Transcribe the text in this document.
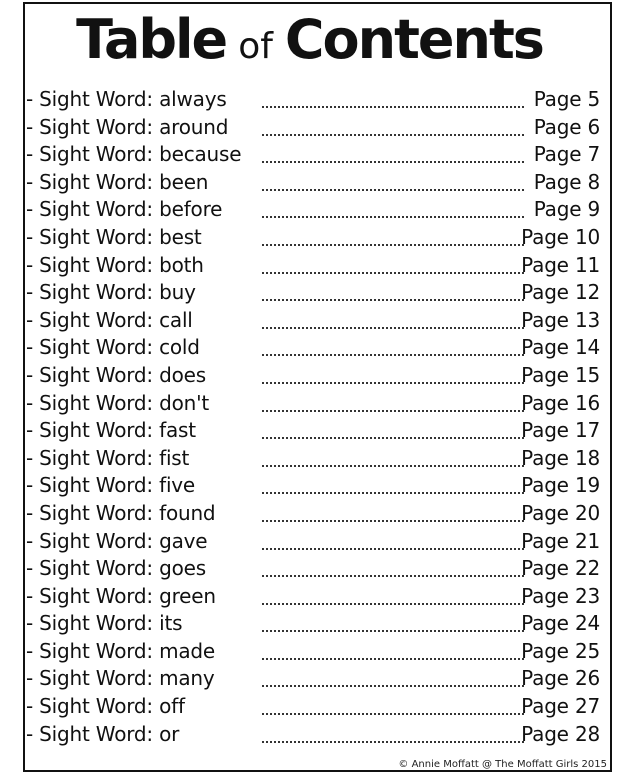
Table of Contents
- Sight Word: always	Page 5
- Sight Word: around	Page 6
- Sight Word: because	Page 7
- Sight Word: been	Page 8
- Sight Word: before	Page 9
- Sight Word: best	Page 10
- Sight Word: both	Page 11
- Sight Word: buy	Page 12
- Sight Word: call	Page 13
- Sight Word: cold	Page 14
- Sight Word: does	Page 15
- Sight Word: don't	Page 16
- Sight Word: fast	Page 17
- Sight Word: fist	Page 18
- Sight Word: five	Page 19
- Sight Word: found	Page 20
- Sight Word: gave	Page 21
- Sight Word: goes	Page 22
- Sight Word: green	Page 23
- Sight Word: its	Page 24
- Sight Word: made	Page 25
- Sight Word: many	Page 26
- Sight Word: off	Page 27
- Sight Word: or	Page 28
© Annie Moffatt @ The Moffatt Girls 2015
